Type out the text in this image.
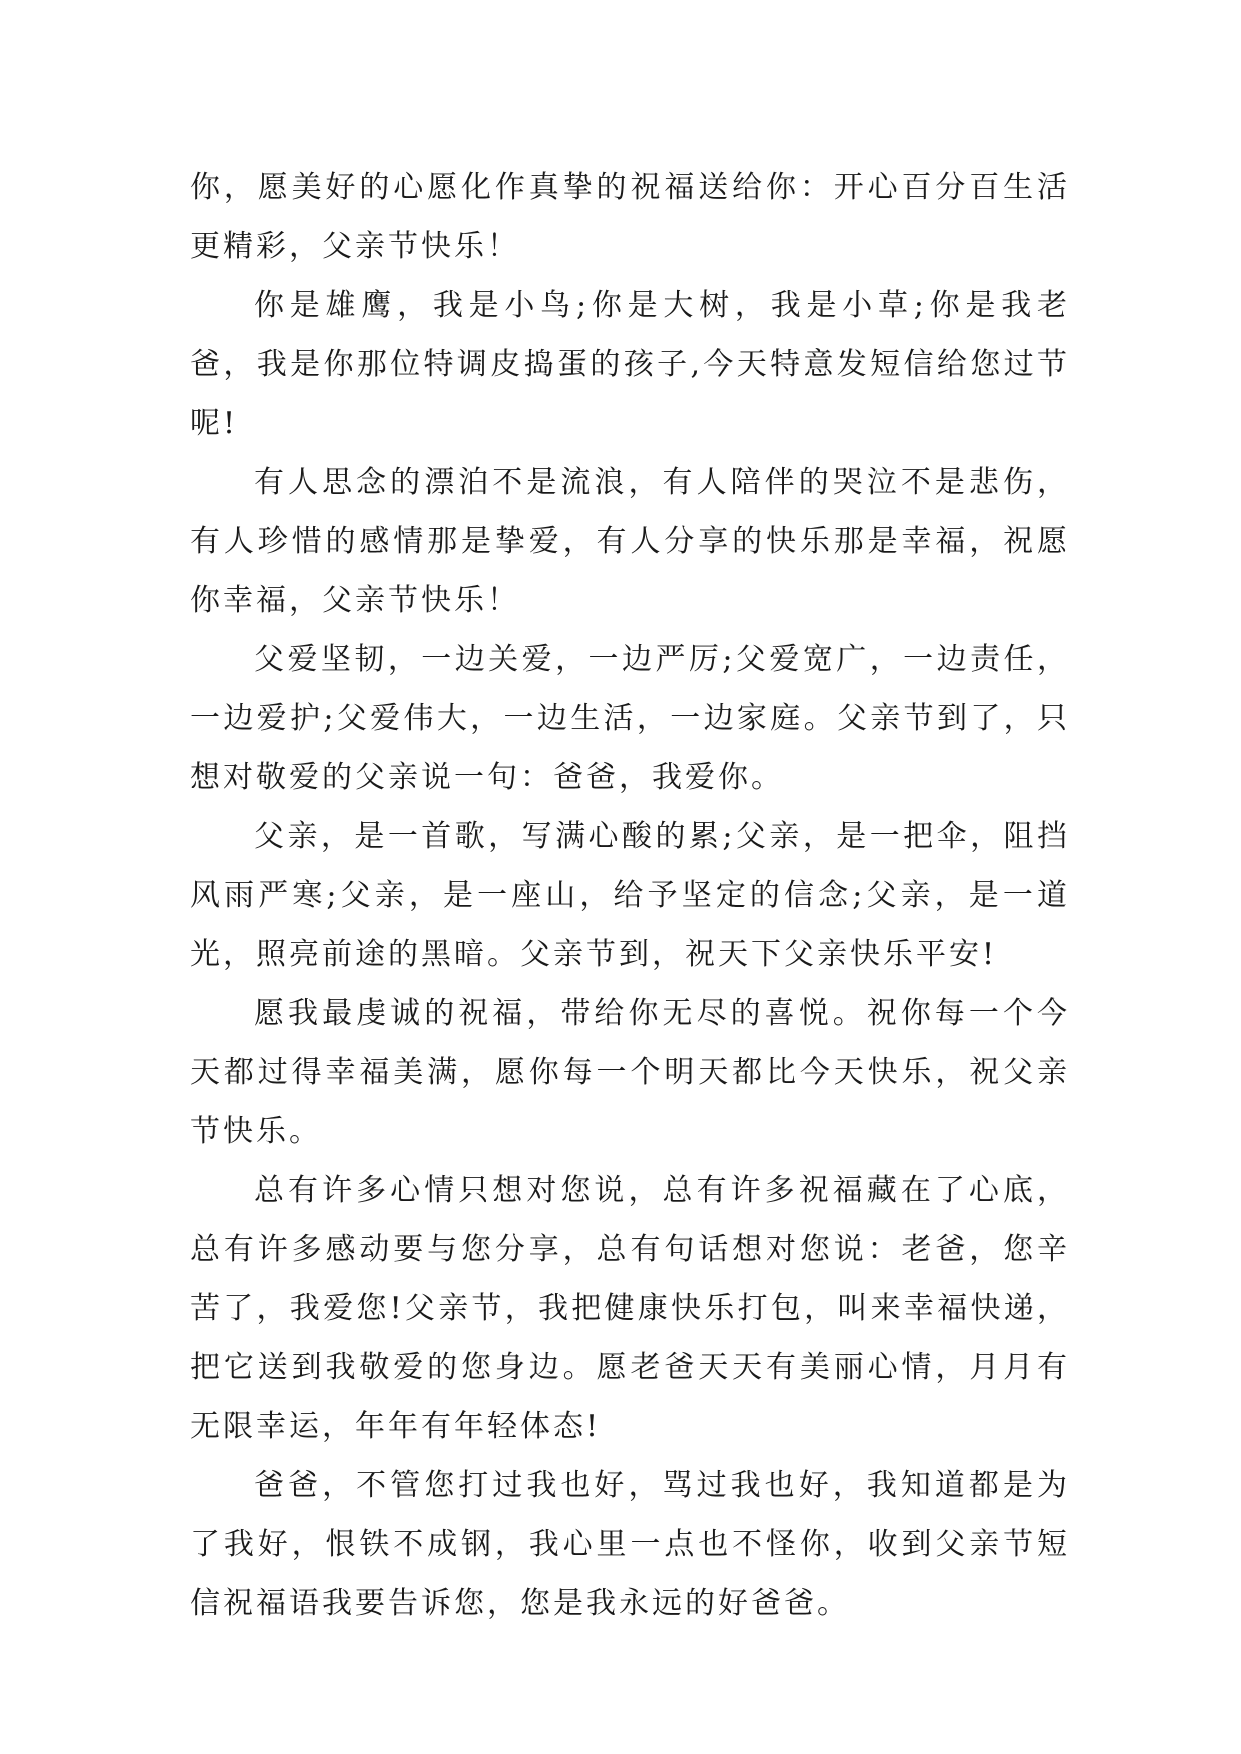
你，愿美好的心愿化作真挚的祝福送给你：开心百分百生活更精彩，父亲节快乐！

你是雄鹰，我是小鸟;你是大树，我是小草;你是我老爸，我是你那位特调皮捣蛋的孩子,今天特意发短信给您过节呢!

有人思念的漂泊不是流浪，有人陪伴的哭泣不是悲伤，有人珍惜的感情那是挚爱，有人分享的快乐那是幸福，祝愿你幸福，父亲节快乐！

父爱坚韧，一边关爱，一边严厉;父爱宽广，一边责任，一边爱护;父爱伟大，一边生活，一边家庭。父亲节到了，只想对敬爱的父亲说一句：爸爸，我爱你。

父亲，是一首歌，写满心酸的累;父亲，是一把伞，阻挡风雨严寒;父亲，是一座山，给予坚定的信念;父亲，是一道光，照亮前途的黑暗。父亲节到，祝天下父亲快乐平安!

愿我最虔诚的祝福，带给你无尽的喜悦。祝你每一个今天都过得幸福美满，愿你每一个明天都比今天快乐，祝父亲节快乐。

总有许多心情只想对您说，总有许多祝福藏在了心底，总有许多感动要与您分享，总有句话想对您说：老爸，您辛苦了，我爱您!父亲节，我把健康快乐打包，叫来幸福快递，把它送到我敬爱的您身边。愿老爸天天有美丽心情，月月有无限幸运，年年有年轻体态!

爸爸，不管您打过我也好，骂过我也好，我知道都是为了我好，恨铁不成钢，我心里一点也不怪你，收到父亲节短信祝福语我要告诉您，您是我永远的好爸爸。
